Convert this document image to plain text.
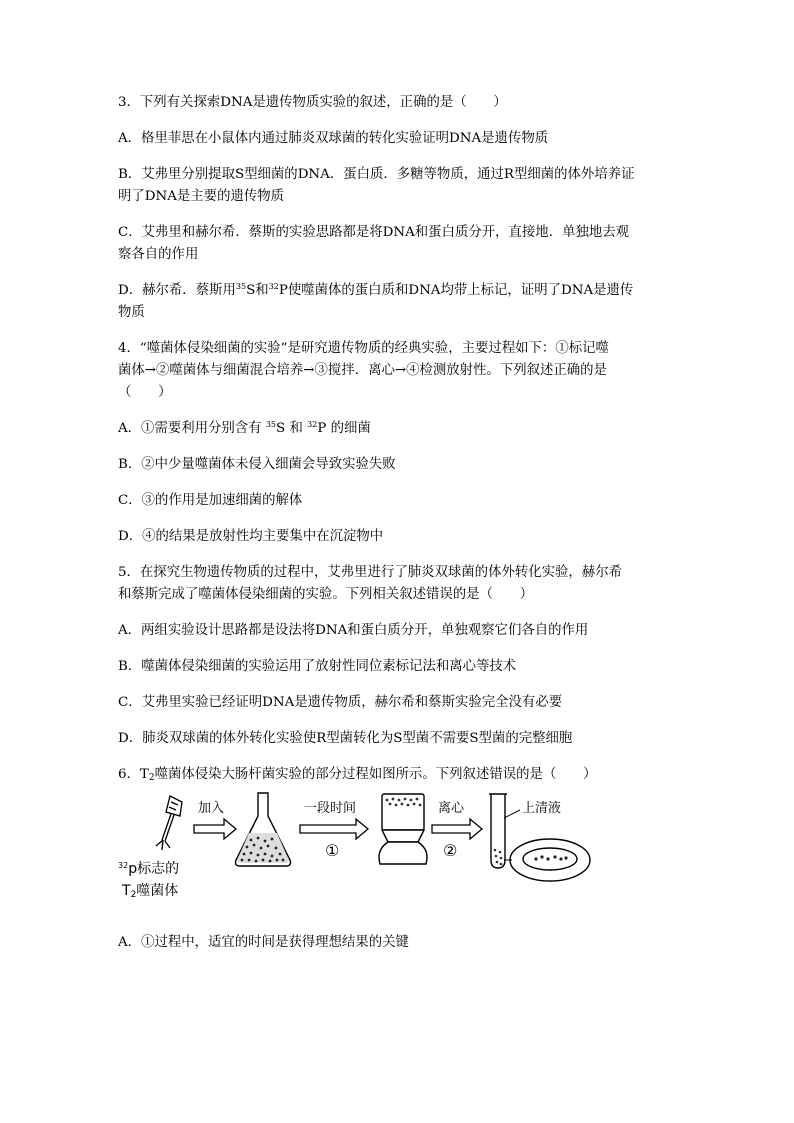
3．下列有关探索DNA是遗传物质实验的叙述，正确的是（　　）

A．格里菲思在小鼠体内通过肺炎双球菌的转化实验证明DNA是遗传物质

B．艾弗里分别提取S型细菌的DNA．蛋白质．多糖等物质，通过R型细菌的体外培养证

明了DNA是主要的遗传物质

C．艾弗里和赫尔希．蔡斯的实验思路都是将DNA和蛋白质分开，直接地．单独地去观

察各自的作用

D．赫尔希．蔡斯用$^{35}$S和$^{32}$P使噬菌体的蛋白质和DNA均带上标记，证明了DNA是遗传

物质

4．“噬菌体侵染细菌的实验”是研究遗传物质的经典实验，主要过程如下：①标记噬

菌体→②噬菌体与细菌混合培养→③搅拌．离心→④检测放射性。下列叙述正确的是

（　　）

A．①需要利用分别含有 $^{35}$S 和 $^{32}$P 的细菌

B．②中少量噬菌体未侵入细菌会导致实验失败

C．③的作用是加速细菌的解体

D．④的结果是放射性均主要集中在沉淀物中

5．在探究生物遗传物质的过程中，艾弗里进行了肺炎双球菌的体外转化实验，赫尔希

和蔡斯完成了噬菌体侵染细菌的实验。下列相关叙述错误的是（　　）

A．两组实验设计思路都是设法将DNA和蛋白质分开，单独观察它们各自的作用

B．噬菌体侵染细菌的实验运用了放射性同位素标记法和离心等技术

C．艾弗里实验已经证明DNA是遗传物质，赫尔希和蔡斯实验完全没有必要

D．肺炎双球菌的体外转化实验使R型菌转化为S型菌不需要S型菌的完整细胞

6．$T_2$噬菌体侵染大肠杆菌实验的部分过程如图所示。下列叙述错误的是（　　）

加入	一段时间
①
离心
②
上清液
$^{32}$p标志的
$T_2$噬菌体

A．①过程中，适宜的时间是获得理想结果的关键
